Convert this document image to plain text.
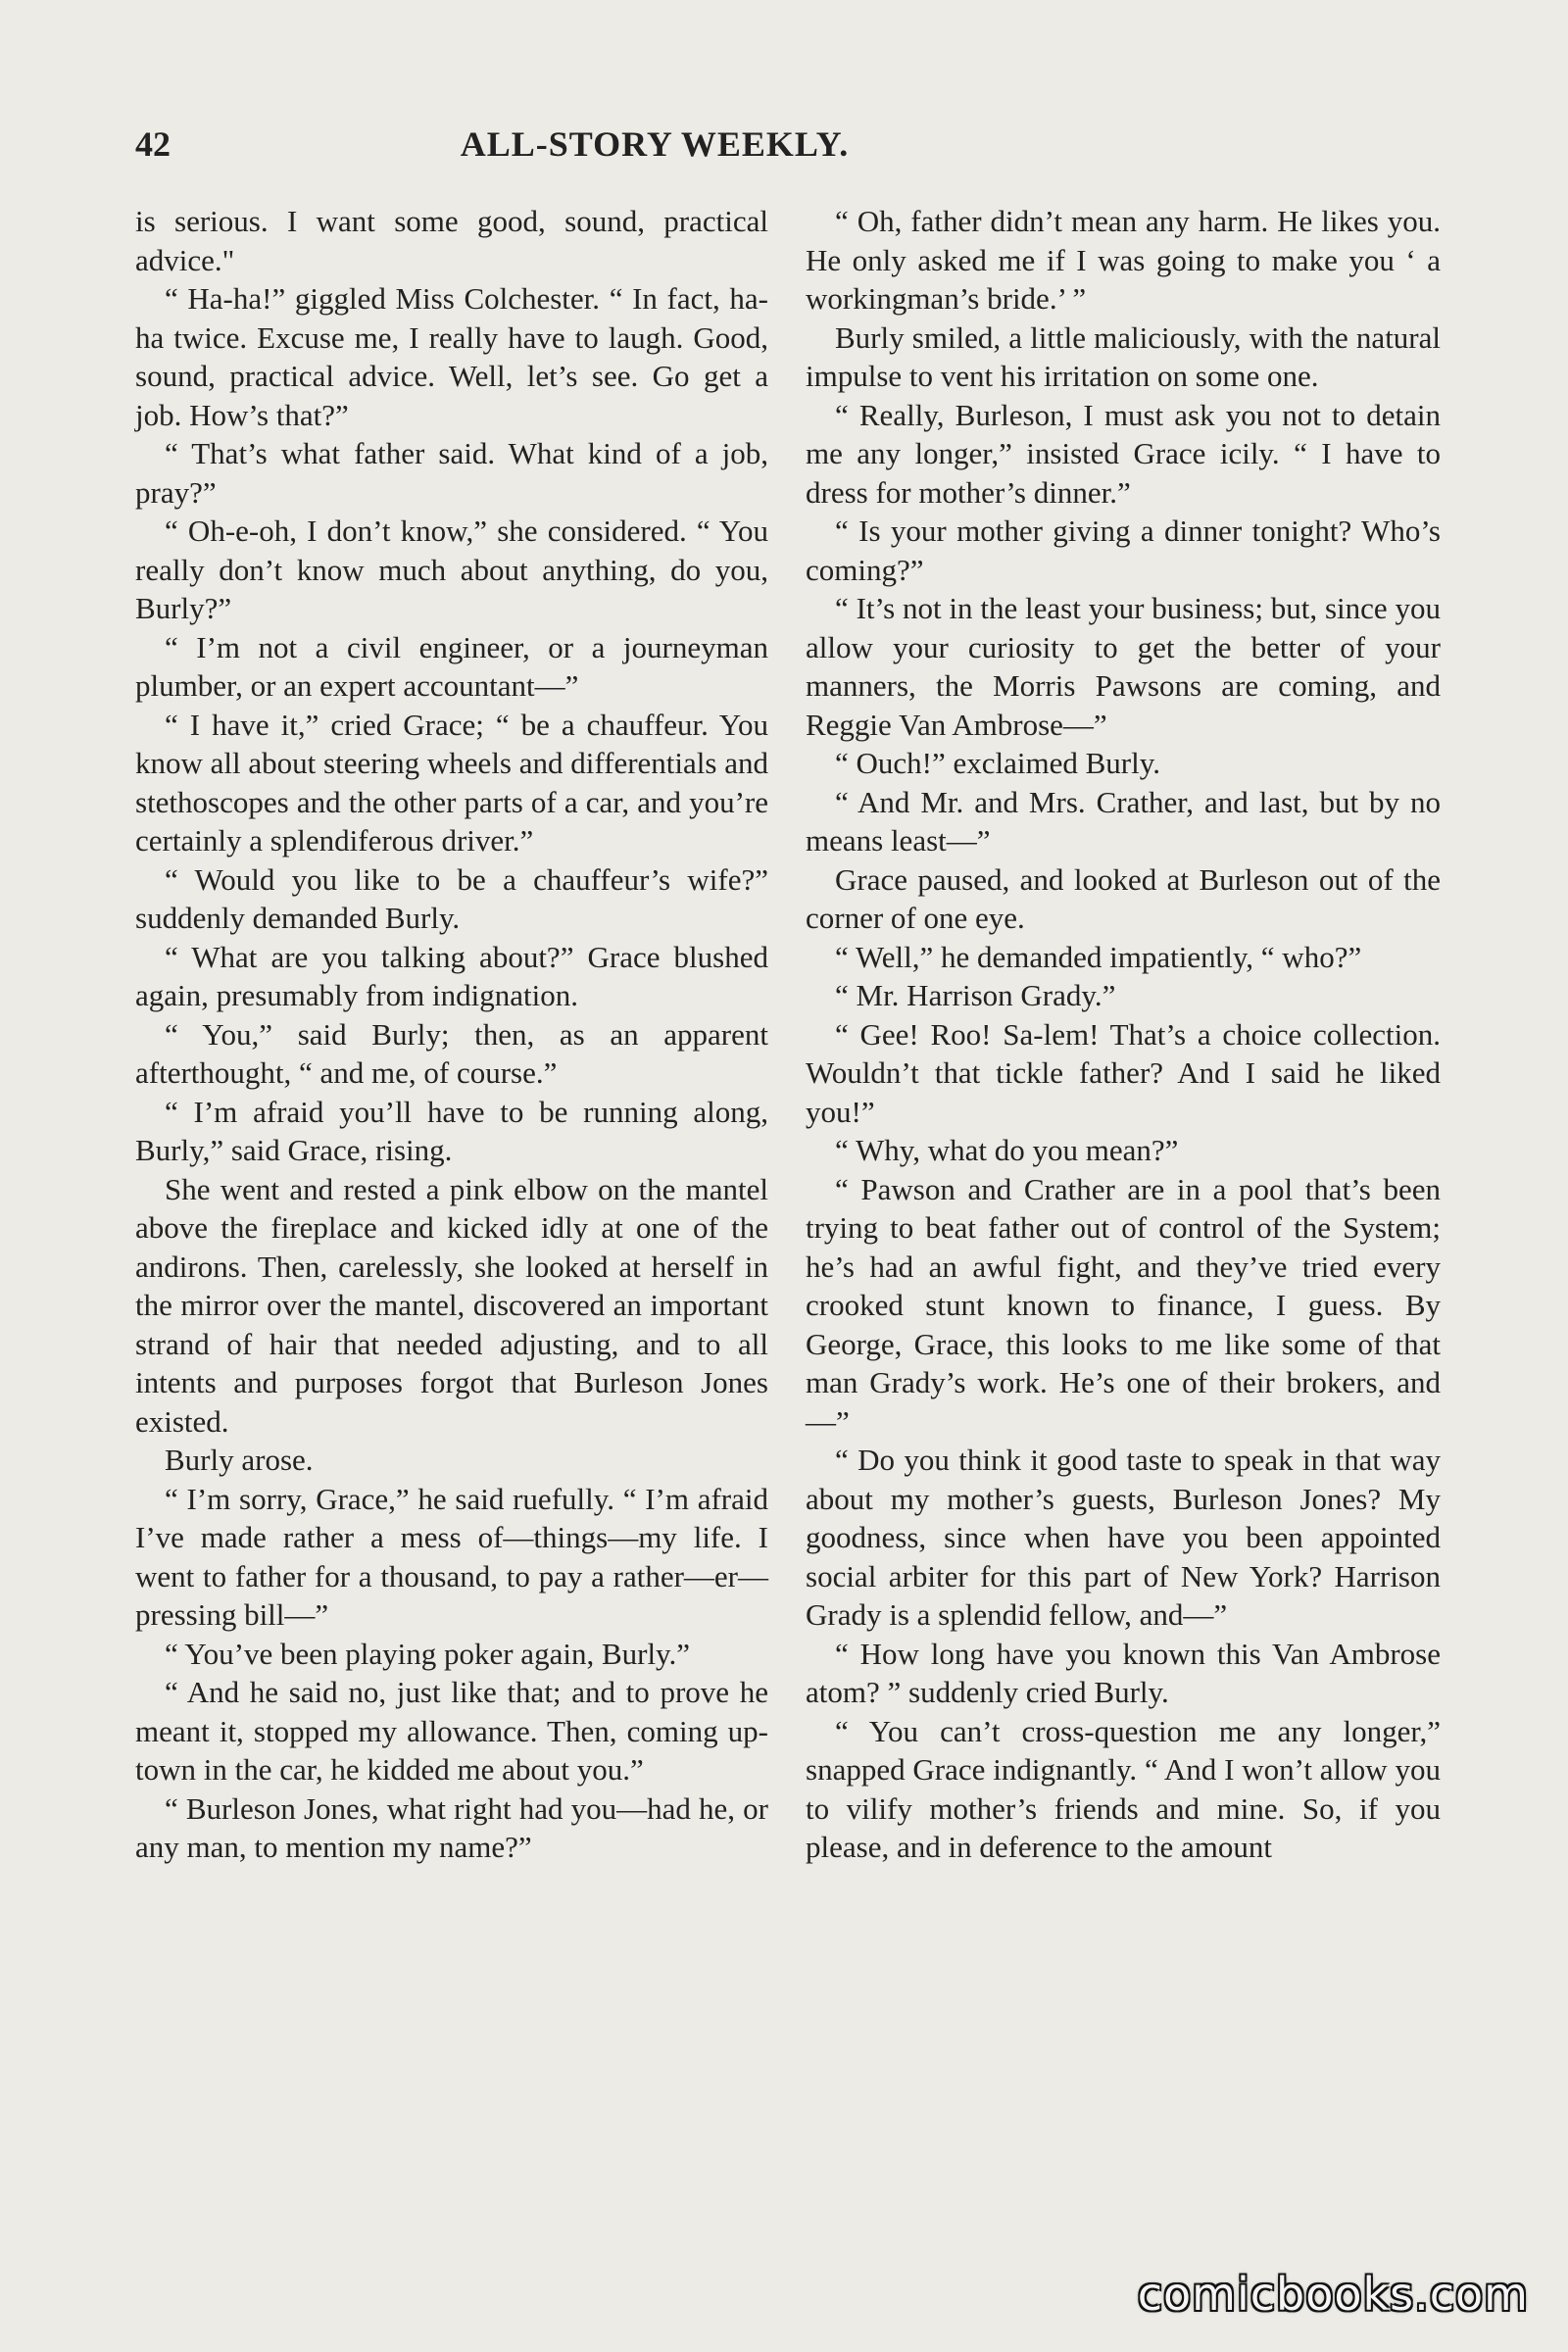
42	ALL-STORY WEEKLY.

is serious. I want some good, sound, practical advice."

“ Ha-ha!” giggled Miss Colchester. “ In fact, ha-ha twice. Excuse me, I really have to laugh. Good, sound, practical advice. Well, let’s see. Go get a job. How’s that?”

“ That’s what father said. What kind of a job, pray?”

“ Oh-e-oh, I don’t know,” she considered. “ You really don’t know much about anything, do you, Burly?”

“ I’m not a civil engineer, or a journeyman plumber, or an expert accountant—”

“ I have it,” cried Grace; “ be a chauffeur. You know all about steering wheels and differentials and stethoscopes and the other parts of a car, and you’re certainly a splendiferous driver.”

“ Would you like to be a chauffeur’s wife?” suddenly demanded Burly.

“ What are you talking about?” Grace blushed again, presumably from indignation.

“ You,” said Burly; then, as an apparent afterthought, “ and me, of course.”

“ I’m afraid you’ll have to be running along, Burly,” said Grace, rising.

She went and rested a pink elbow on the mantel above the fireplace and kicked idly at one of the andirons. Then, carelessly, she looked at herself in the mirror over the mantel, discovered an important strand of hair that needed adjusting, and to all intents and purposes forgot that Burleson Jones existed.

Burly arose.

“ I’m sorry, Grace,” he said ruefully. “ I’m afraid I’ve made rather a mess of—things—my life. I went to father for a thousand, to pay a rather—er—pressing bill—”

“ You’ve been playing poker again, Burly.”

“ And he said no, just like that; and to prove he meant it, stopped my allowance. Then, coming up-town in the car, he kidded me about you.”

“ Burleson Jones, what right had you—had he, or any man, to mention my name?”

“ Oh, father didn’t mean any harm. He likes you. He only asked me if I was going to make you ‘ a workingman’s bride.’ ”

Burly smiled, a little maliciously, with the natural impulse to vent his irritation on some one.

“ Really, Burleson, I must ask you not to detain me any longer,” insisted Grace icily. “ I have to dress for mother’s dinner.”

“ Is your mother giving a dinner tonight? Who’s coming?”

“ It’s not in the least your business; but, since you allow your curiosity to get the better of your manners, the Morris Pawsons are coming, and Reggie Van Ambrose—”

“ Ouch!” exclaimed Burly.

“ And Mr. and Mrs. Crather, and last, but by no means least—”

Grace paused, and looked at Burleson out of the corner of one eye.

“ Well,” he demanded impatiently, “ who?”

“ Mr. Harrison Grady.”

“ Gee! Roo! Sa-lem! That’s a choice collection. Wouldn’t that tickle father? And I said he liked you!”

“ Why, what do you mean?”

“ Pawson and Crather are in a pool that’s been trying to beat father out of control of the System; he’s had an awful fight, and they’ve tried every crooked stunt known to finance, I guess. By George, Grace, this looks to me like some of that man Grady’s work. He’s one of their brokers, and—”

“ Do you think it good taste to speak in that way about my mother’s guests, Burleson Jones? My goodness, since when have you been appointed social arbiter for this part of New York? Harrison Grady is a splendid fellow, and—”

“ How long have you known this Van Ambrose atom? ” suddenly cried Burly.

“ You can’t cross-question me any longer,” snapped Grace indignantly. “ And I won’t allow you to vilify mother’s friends and mine. So, if you please, and in deference to the amount

comicbooks.com
